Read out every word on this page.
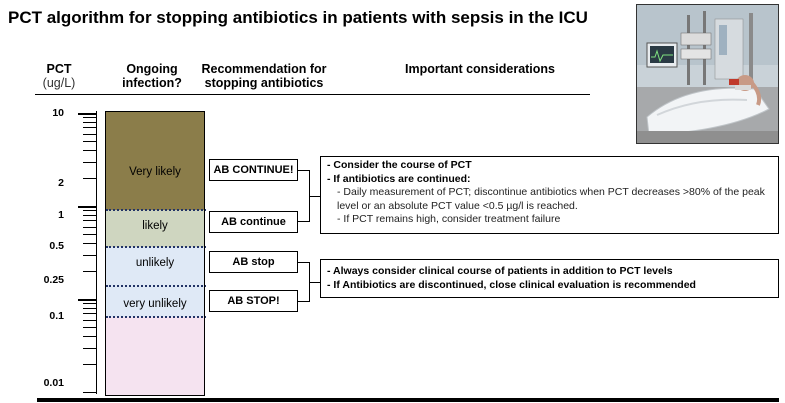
PCT algorithm for stopping antibiotics in patients with sepsis in the ICU
PCT
(ug/L)
Ongoing infection?
Recommendation for stopping antibiotics
Important considerations
10
2
1
0.5
0.25
0.1
0.01
Very likely
likely
unlikely
very unlikely
AB CONTINUE!
AB continue
AB stop
AB STOP!
- Consider the course of PCT
- If antibiotics are continued:
- Daily measurement of PCT; discontinue antibiotics when PCT decreases >80% of the peak level or an absolute PCT value <0.5 µg/l is reached.
- If PCT remains high, consider treatment failure
- Always consider clinical course of patients in addition to PCT levels
- If Antibiotics are discontinued, close clinical evaluation is recommended
